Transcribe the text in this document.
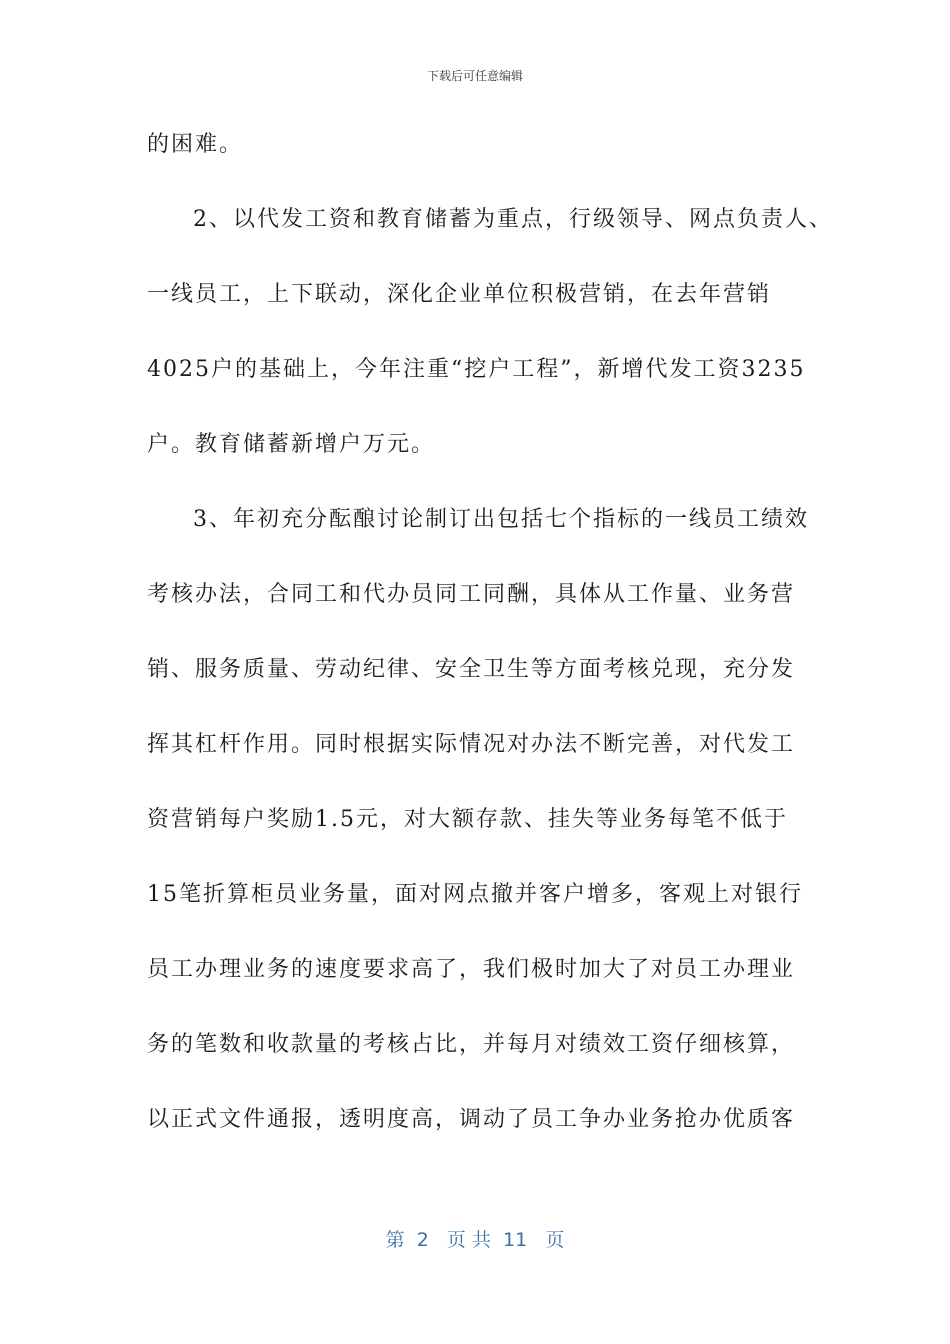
下载后可任意编辑
的困难。
2、以代发工资和教育储蓄为重点，行级领导、网点负责人、
一线员工，上下联动，深化企业单位积极营销，在去年营销
4025户的基础上，今年注重“挖户工程”，新增代发工资3235
户。教育储蓄新增户万元。
3、年初充分酝酿讨论制订出包括七个指标的一线员工绩效
考核办法，合同工和代办员同工同酬，具体从工作量、业务营
销、服务质量、劳动纪律、安全卫生等方面考核兑现，充分发
挥其杠杆作用。同时根据实际情况对办法不断完善，对代发工
资营销每户奖励1.5元，对大额存款、挂失等业务每笔不低于
15笔折算柜员业务量，面对网点撤并客户增多，客观上对银行
员工办理业务的速度要求高了，我们极时加大了对员工办理业
务的笔数和收款量的考核占比，并每月对绩效工资仔细核算，
以正式文件通报，透明度高，调动了员工争办业务抢办优质客
第  2   页 共  11   页
